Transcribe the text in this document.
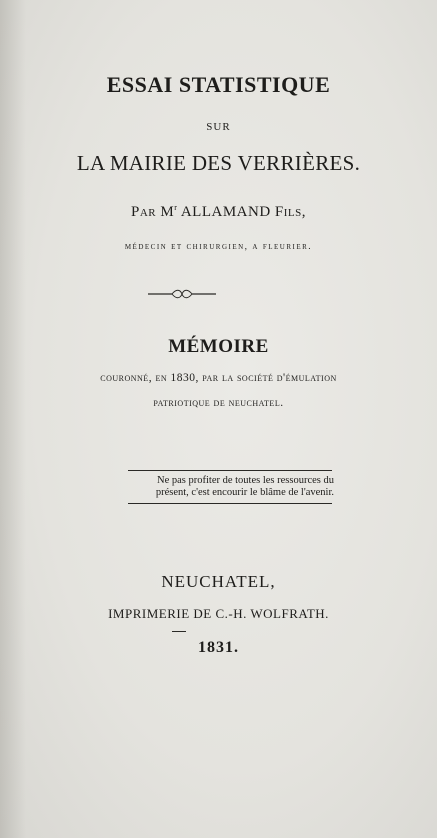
ESSAI STATISTIQUE
SUR
LA MAIRIE DES VERRIÈRES.
PAR $M^r$ ALLAMAND FILS,
médecin et chirurgien, a fleurier.
MÉMOIRE
couronné, en 1830, par la société d'émulation
patriotique de neuchatel.
Ne pas profiter de toutes les ressources du
présent, c'est encourir le blâme de l'avenir.
NEUCHATEL,
IMPRIMERIE DE C.-H. WOLFRATH.
1831.
